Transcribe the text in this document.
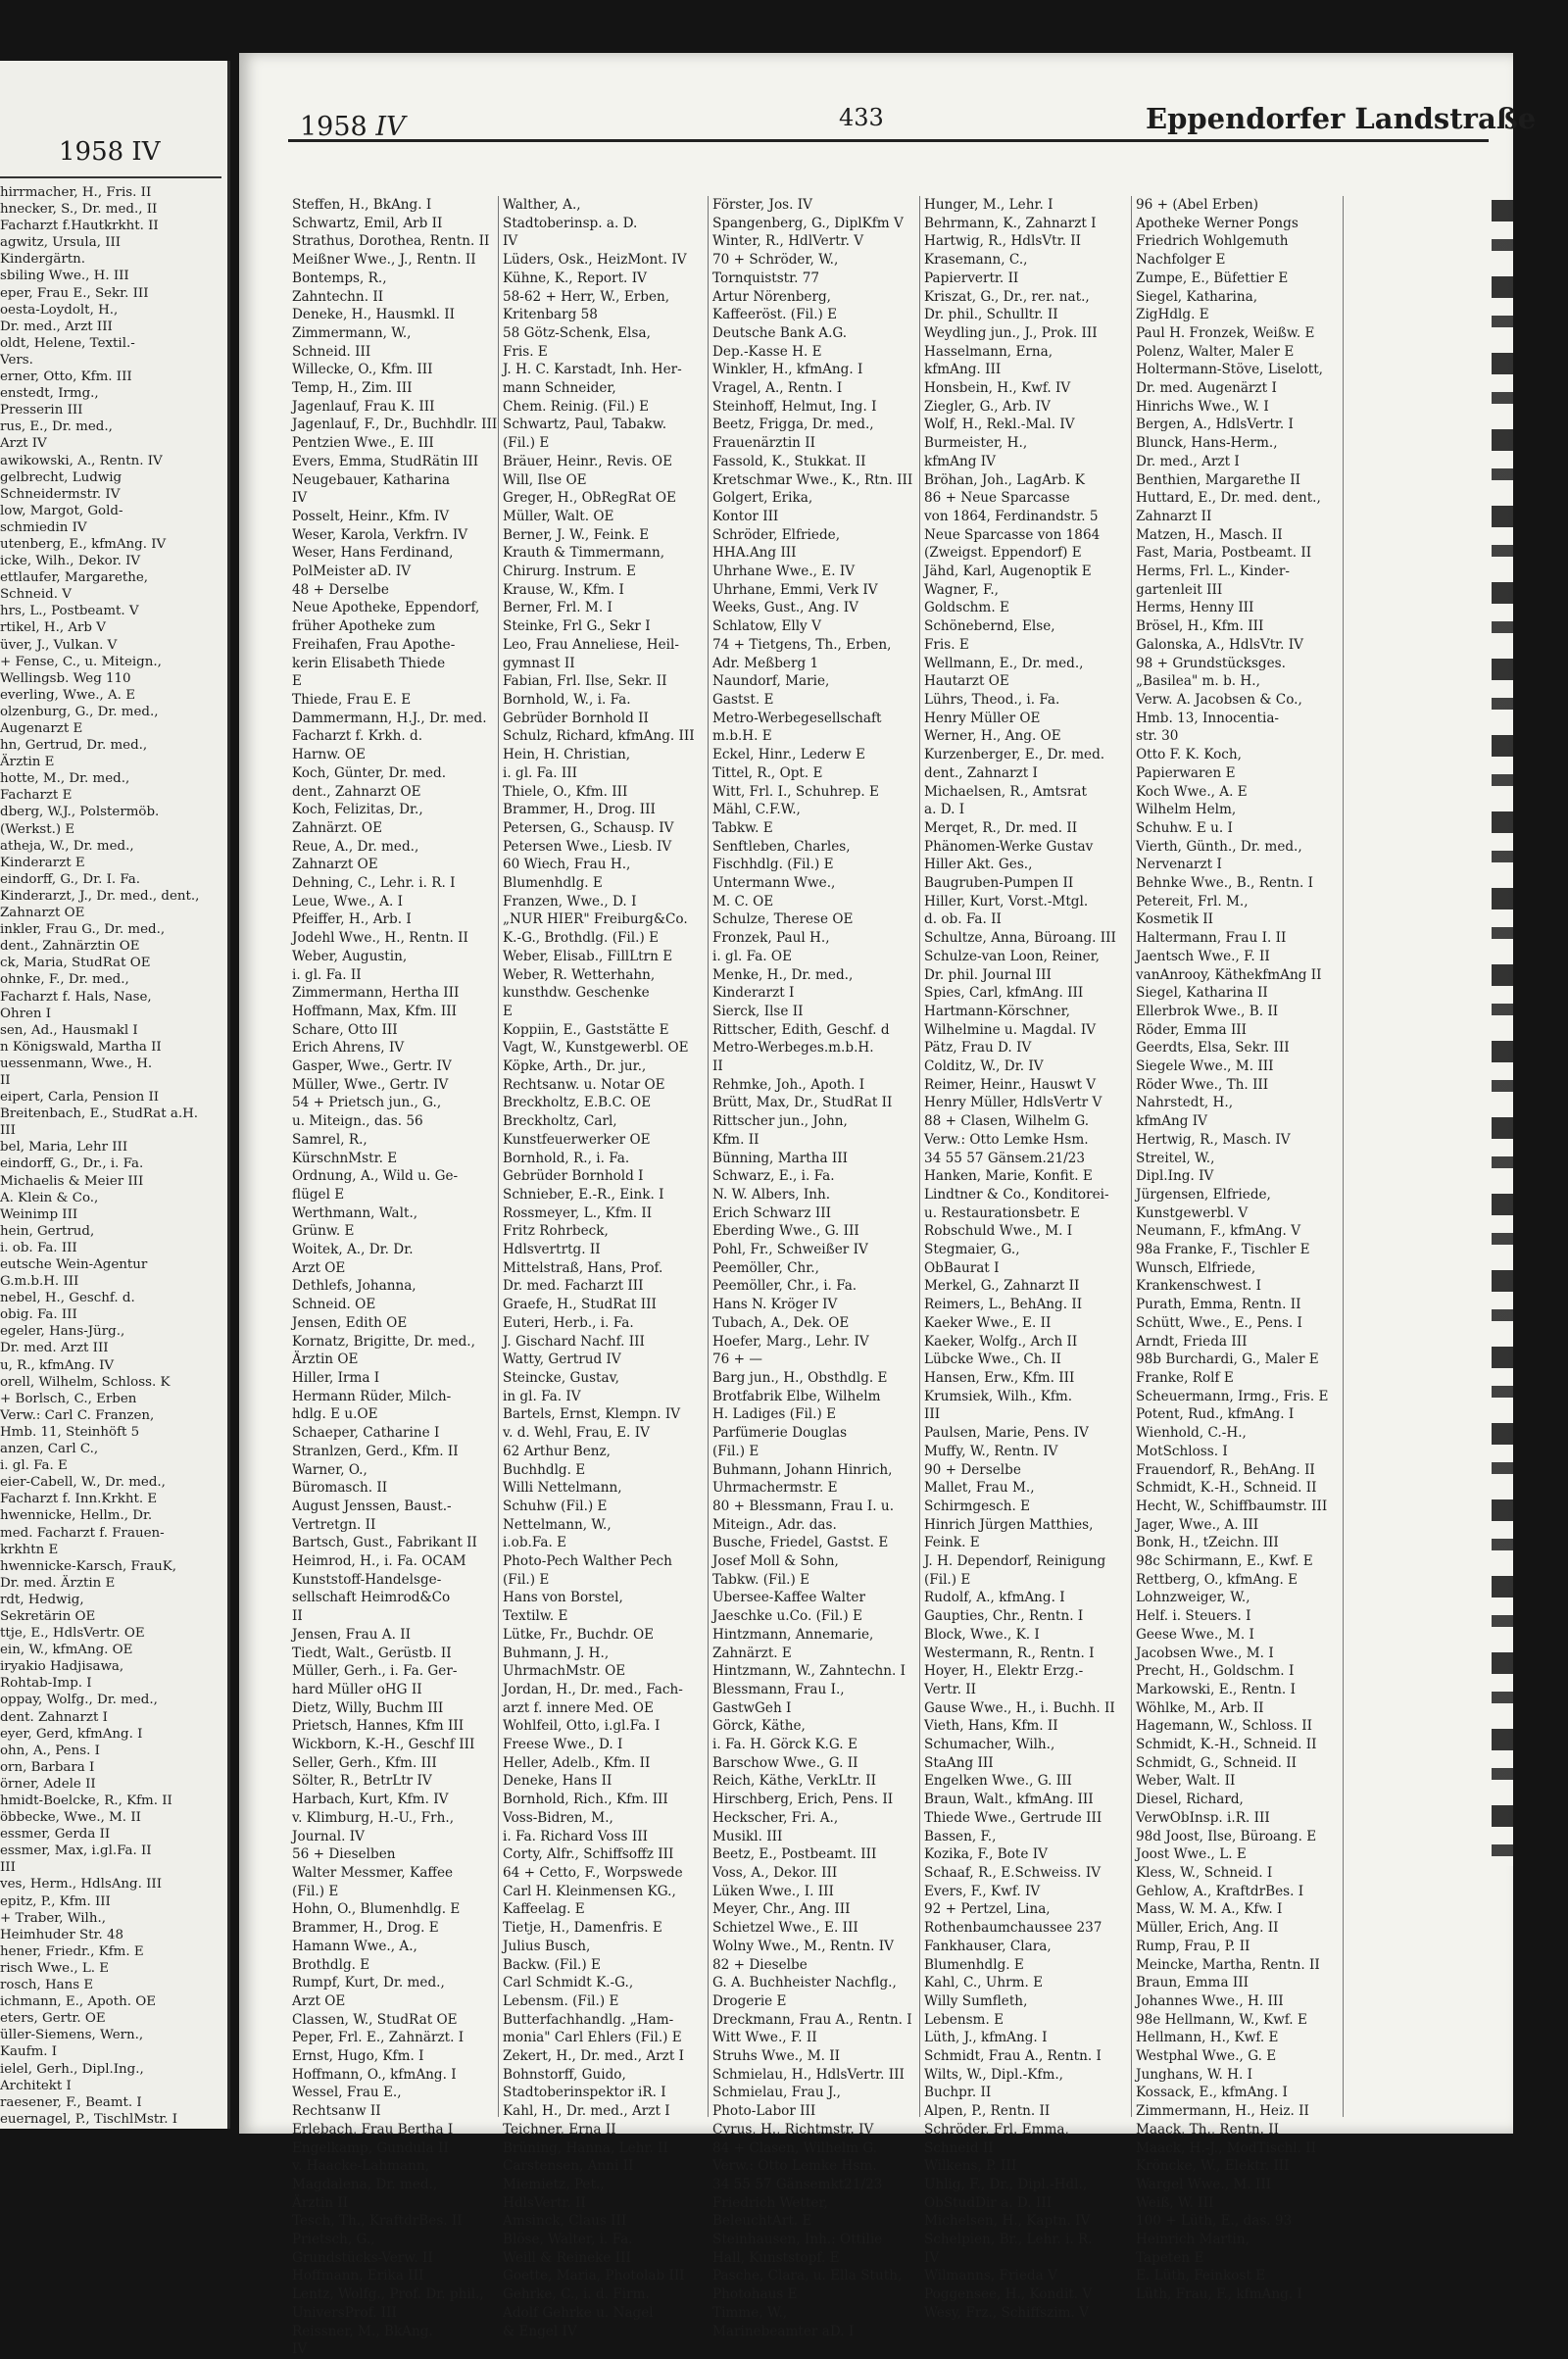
1958 IV
hirrmacher, H., Fris. II
hnecker, S., Dr. med., II
Facharzt f.Hautkrkht. II
agwitz, Ursula, III
Kindergärtn.
sbiling Wwe., H. III
eper, Frau E., Sekr. III
oesta-Loydolt, H.,
Dr. med., Arzt III
oldt, Helene, Textil.-
Vers.
erner, Otto, Kfm. III
enstedt, Irmg.,
Presserin III
rus, E., Dr. med.,
Arzt IV
awikowski, A., Rentn. IV
gelbrecht, Ludwig
Schneidermstr. IV
low, Margot, Gold-
schmiedin IV
utenberg, E., kfmAng. IV
icke, Wilh., Dekor. IV
ettlaufer, Margarethe,
Schneid. V
hrs, L., Postbeamt. V
rtikel, H., Arb V
üver, J., Vulkan. V
+ Fense, C., u. Miteign.,
Wellingsb. Weg 110
everling, Wwe., A. E
olzenburg, G., Dr. med.,
Augenarzt E
hn, Gertrud, Dr. med.,
Ärztin E
hotte, M., Dr. med.,
Facharzt E
dberg, W.J., Polstermöb.
(Werkst.) E
atheja, W., Dr. med.,
Kinderarzt E
eindorff, G., Dr. I. Fa.
Kinderarzt, J., Dr. med., dent.,
Zahnarzt OE
inkler, Frau G., Dr. med.,
dent., Zahnärztin OE
ck, Maria, StudRat OE
ohnke, F., Dr. med.,
Facharzt f. Hals, Nase,
Ohren I
sen, Ad., Hausmakl I
n Königswald, Martha II
uessenmann, Wwe., H.
II
eipert, Carla, Pension II
Breitenbach, E., StudRat a.H.
III
bel, Maria, Lehr III
eindorff, G., Dr., i. Fa.
Michaelis & Meier III
A. Klein & Co.,
Weinimp III
hein, Gertrud,
i. ob. Fa. III
eutsche Wein-Agentur
G.m.b.H. III
nebel, H., Geschf. d.
obig. Fa. III
egeler, Hans-Jürg.,
Dr. med. Arzt III
u, R., kfmAng. IV
orell, Wilhelm, Schloss. K
+ Borlsch, C., Erben
Verw.: Carl C. Franzen,
Hmb. 11, Steinhöft 5
anzen, Carl C.,
i. gl. Fa. E
eier-Cabell, W., Dr. med.,
Facharzt f. Inn.Krkht. E
hwennicke, Hellm., Dr.
med. Facharzt f. Frauen-
krkhtn E
hwennicke-Karsch, FrauK,
Dr. med. Ärztin E
rdt, Hedwig,
Sekretärin OE
ttje, E., HdlsVertr. OE
ein, W., kfmAng. OE
iryakio Hadjisawa,
Rohtab-Imp. I
oppay, Wolfg., Dr. med.,
dent. Zahnarzt I
eyer, Gerd, kfmAng. I
ohn, A., Pens. I
orn, Barbara I
örner, Adele II
hmidt-Boelcke, R., Kfm. II
öbbecke, Wwe., M. II
essmer, Gerda II
essmer, Max, i.gl.Fa. II
III
ves, Herm., HdlsAng. III
epitz, P., Kfm. III
+ Traber, Wilh.,
Heimhuder Str. 48
hener, Friedr., Kfm. E
risch Wwe., L. E
rosch, Hans E
ichmann, E., Apoth. OE
eters, Gertr. OE
üller-Siemens, Wern.,
Kaufm. I
ielel, Gerh., Dipl.Ing.,
Architekt I
raesener, F., Beamt. I
euernagel, P., TischlMstr. I
1958 IV	433	Eppendorfer Landstraße
Steffen, H., BkAng. I
Schwartz, Emil, Arb II
Strathus, Dorothea, Rentn. II
Meißner Wwe., J., Rentn. II
Bontemps, R.,
Zahntechn. II
Deneke, H., Hausmkl. II
Zimmermann, W.,
Schneid. III
Willecke, O., Kfm. III
Temp, H., Zim. III
Jagenlauf, Frau K. III
Jagenlauf, F., Dr., Buchhdlr. III
Pentzien Wwe., E. III
Evers, Emma, StudRätin III
Neugebauer, Katharina
IV
Posselt, Heinr., Kfm. IV
Weser, Karola, Verkfrn. IV
Weser, Hans Ferdinand,
PolMeister aD. IV
48 + Derselbe
Neue Apotheke, Eppendorf,
früher Apotheke zum
Freihafen, Frau Apothe-
kerin Elisabeth Thiede
E
Thiede, Frau E. E
Dammermann, H.J., Dr. med.
Facharzt f. Krkh. d.
Harnw. OE
Koch, Günter, Dr. med.
dent., Zahnarzt OE
Koch, Felizitas, Dr.,
Zahnärzt. OE
Reue, A., Dr. med.,
Zahnarzt OE
Dehning, C., Lehr. i. R. I
Leue, Wwe., A. I
Pfeiffer, H., Arb. I
Jodehl Wwe., H., Rentn. II
Weber, Augustin,
i. gl. Fa. II
Zimmermann, Hertha III
Hoffmann, Max, Kfm. III
Schare, Otto III
Erich Ahrens, IV
Gasper, Wwe., Gertr. IV
Müller, Wwe., Gertr. IV
54 + Prietsch jun., G.,
u. Miteign., das. 56
Samrel, R.,
KürschnMstr. E
Ordnung, A., Wild u. Ge-
flügel E
Werthmann, Walt.,
Grünw. E
Woitek, A., Dr. Dr.
Arzt OE
Dethlefs, Johanna,
Schneid. OE
Jensen, Edith OE
Kornatz, Brigitte, Dr. med.,
Ärztin OE
Hiller, Irma I
Hermann Rüder, Milch-
hdlg. E u.OE
Schaeper, Catharine I
Stranlzen, Gerd., Kfm. II
Warner, O.,
Büromasch. II
August Jenssen, Baust.-
Vertretgn. II
Bartsch, Gust., Fabrikant II
Heimrod, H., i. Fa. OCAM
Kunststoff-Handelsge-
sellschaft Heimrod&Co
II
Jensen, Frau A. II
Tiedt, Walt., Gerüstb. II
Müller, Gerh., i. Fa. Ger-
hard Müller oHG II
Dietz, Willy, Buchm III
Prietsch, Hannes, Kfm III
Wickborn, K.-H., Geschf III
Seller, Gerh., Kfm. III
Sölter, R., BetrLtr IV
Harbach, Kurt, Kfm. IV
v. Klimburg, H.-U., Frh.,
Journal. IV
56 + Dieselben
Walter Messmer, Kaffee
(Fil.) E
Hohn, O., Blumenhdlg. E
Brammer, H., Drog. E
Hamann Wwe., A.,
Brothdlg. E
Rumpf, Kurt, Dr. med.,
Arzt OE
Classen, W., StudRat OE
Peper, Frl. E., Zahnärzt. I
Ernst, Hugo, Kfm. I
Hoffmann, O., kfmAng. I
Wessel, Frau E.,
Rechtsanw II
Erlebach, Frau Bertha I
Engelkamp, Gundula II
v. Haacke-Lahmann,
Magdalena, Dr. med.,
Ärztin II
Tesch, Th., KraftdrBes. II
Prietsch, G.,
Grundstücks-Verw. II
Hoffmann, Erika III
Lentz, Wolfg., Prof. Dr. phil.,
UniversProf. III
Reissner, M., BkAng.
IV
Walther, A.,
Stadtoberinsp. a. D.
IV
Lüders, Osk., HeizMont. IV
Kühne, K., Report. IV
58-62 + Herr, W., Erben,
Kritenbarg 58
58 Götz-Schenk, Elsa,
Fris. E
J. H. C. Karstadt, Inh. Her-
mann Schneider,
Chem. Reinig. (Fil.) E
Schwartz, Paul, Tabakw.
(Fil.) E
Bräuer, Heinr., Revis. OE
Will, Ilse OE
Greger, H., ObRegRat OE
Müller, Walt. OE
Berner, J. W., Feink. E
Krauth & Timmermann,
Chirurg. Instrum. E
Krause, W., Kfm. I
Berner, Frl. M. I
Steinke, Frl G., Sekr I
Leo, Frau Anneliese, Heil-
gymnast II
Fabian, Frl. Ilse, Sekr. II
Bornhold, W., i. Fa.
Gebrüder Bornhold II
Schulz, Richard, kfmAng. III
Hein, H. Christian,
i. gl. Fa. III
Thiele, O., Kfm. III
Brammer, H., Drog. III
Petersen, G., Schausp. IV
Petersen Wwe., Liesb. IV
60 Wiech, Frau H.,
Blumenhdlg. E
Franzen, Wwe., D. I
„NUR HIER" Freiburg&Co.
K.-G., Brothdlg. (Fil.) E
Weber, Elisab., FillLtrn E
Weber, R. Wetterhahn,
kunsthdw. Geschenke
E
Koppiin, E., Gaststätte E
Vagt, W., Kunstgewerbl. OE
Köpke, Arth., Dr. jur.,
Rechtsanw. u. Notar OE
Breckholtz, E.B.C. OE
Breckholtz, Carl,
Kunstfeuerwerker OE
Bornhold, R., i. Fa.
Gebrüder Bornhold I
Schnieber, E.-R., Eink. I
Rossmeyer, L., Kfm. II
Fritz Rohrbeck,
Hdlsvertrtg. II
Mittelstraß, Hans, Prof.
Dr. med. Facharzt III
Graefe, H., StudRat III
Euteri, Herb., i. Fa.
J. Gischard Nachf. III
Watty, Gertrud IV
Steincke, Gustav,
in gl. Fa. IV
Bartels, Ernst, Klempn. IV
v. d. Wehl, Frau, E. IV
62 Arthur Benz,
Buchhdlg. E
Willi Nettelmann,
Schuhw (Fil.) E
Nettelmann, W.,
i.ob.Fa. E
Photo-Pech Walther Pech
(Fil.) E
Hans von Borstel,
Textilw. E
Lütke, Fr., Buchdr. OE
Buhmann, J. H.,
UhrmachMstr. OE
Jordan, H., Dr. med., Fach-
arzt f. innere Med. OE
Wohlfeil, Otto, i.gl.Fa. I
Freese Wwe., D. I
Heller, Adelb., Kfm. II
Deneke, Hans II
Bornhold, Rich., Kfm. III
Voss-Bidren, M.,
i. Fa. Richard Voss III
Corty, Alfr., Schiffsoffz III
64 + Cetto, F., Worpswede
Carl H. Kleinmensen KG.,
Kaffeelag. E
Tietje, H., Damenfris. E
Julius Busch,
Backw. (Fil.) E
Carl Schmidt K.-G.,
Lebensm. (Fil.) E
Butterfachhandlg. „Ham-
monia" Carl Ehlers (Fil.) E
Zekert, H., Dr. med., Arzt I
Bohnstorff, Guido,
Stadtoberinspektor iR. I
Kahl, H., Dr. med., Arzt I
Teichner, Erna II
Brüning, Hanna, Lehr. II
Carstensen, Anni II
Miemietz, Pet.,
HdlsVertr. II
Amsinck, Claus III
Blöse, Walter, i. Fa.
Weill & Reineke III
Goette, Maria, Photolab III
Gehrke, C., i. d. Firm.
Adolf Gehrke u. Nagel
& Engel IV
Förster, Jos. IV
Spangenberg, G., DiplKfm V
Winter, R., HdlVertr. V
70 + Schröder, W.,
Tornquiststr. 77
Artur Nörenberg,
Kaffeeröst. (Fil.) E
Deutsche Bank A.G.
Dep.-Kasse H. E
Winkler, H., kfmAng. I
Vragel, A., Rentn. I
Steinhoff, Helmut, Ing. I
Beetz, Frigga, Dr. med.,
Frauenärztin II
Fassold, K., Stukkat. II
Kretschmar Wwe., K., Rtn. III
Golgert, Erika,
Kontor III
Schröder, Elfriede,
HHA.Ang III
Uhrhane Wwe., E. IV
Uhrhane, Emmi, Verk IV
Weeks, Gust., Ang. IV
Schlatow, Elly V
74 + Tietgens, Th., Erben,
Adr. Meßberg 1
Naundorf, Marie,
Gastst. E
Metro-Werbegesellschaft
m.b.H. E
Eckel, Hinr., Lederw E
Tittel, R., Opt. E
Witt, Frl. I., Schuhrep. E
Mähl, C.F.W.,
Tabkw. E
Senftleben, Charles,
Fischhdlg. (Fil.) E
Untermann Wwe.,
M. C. OE
Schulze, Therese OE
Fronzek, Paul H.,
i. gl. Fa. OE
Menke, H., Dr. med.,
Kinderarzt I
Sierck, Ilse II
Rittscher, Edith, Geschf. d
Metro-Werbeges.m.b.H.
II
Rehmke, Joh., Apoth. I
Brütt, Max, Dr., StudRat II
Rittscher jun., John,
Kfm. II
Bünning, Martha III
Schwarz, E., i. Fa.
N. W. Albers, Inh.
Erich Schwarz III
Eberding Wwe., G. III
Pohl, Fr., Schweißer IV
Peemöller, Chr.,
Peemöller, Chr., i. Fa.
Hans N. Kröger IV
Tubach, A., Dek. OE
Hoefer, Marg., Lehr. IV
76 + —
Barg jun., H., Obsthdlg. E
Brotfabrik Elbe, Wilhelm
H. Ladiges (Fil.) E
Parfümerie Douglas
(Fil.) E
Buhmann, Johann Hinrich,
Uhrmachermstr. E
80 + Blessmann, Frau I. u.
Miteign., Adr. das.
Busche, Friedel, Gastst. E
Josef Moll & Sohn,
Tabkw. (Fil.) E
Ubersee-Kaffee Walter
Jaeschke u.Co. (Fil.) E
Hintzmann, Annemarie,
Zahnärzt. E
Hintzmann, W., Zahntechn. I
Blessmann, Frau I.,
GastwGeh I
Görck, Käthe,
i. Fa. H. Görck K.G. E
Barschow Wwe., G. II
Reich, Käthe, VerkLtr. II
Hirschberg, Erich, Pens. II
Heckscher, Fri. A.,
Musikl. III
Beetz, E., Postbeamt. III
Voss, A., Dekor. III
Lüken Wwe., I. III
Meyer, Chr., Ang. III
Schietzel Wwe., E. III
Wolny Wwe., M., Rentn. IV
82 + Dieselbe
G. A. Buchheister Nachflg.,
Drogerie E
Dreckmann, Frau A., Rentn. I
Witt Wwe., F. II
Struhs Wwe., M. II
Schmielau, H., HdlsVertr. III
Schmielau, Frau J.,
Photo-Labor III
Cyrus, H., Richtmstr. IV
84 + Clasen, Wilhelm G.
Verw.: Otto Lemke Hsm.
34 55 57 Gänsemkt21/23
Friedrich Wetter,
BeleuchtArt. E
Steinhausen, Inh.: Ottilie
Hall, Kunststopf. E
Pasche, Clara, u. Ella Stuth,
Photohaus E
Timme, W.,
Marinebeamter aD. I
Hunger, M., Lehr. I
Behrmann, K., Zahnarzt I
Hartwig, R., HdlsVtr. II
Krasemann, C.,
Papiervertr. II
Kriszat, G., Dr., rer. nat.,
Dr. phil., Schulltr. II
Weydling jun., J., Prok. III
Hasselmann, Erna,
kfmAng. III
Honsbein, H., Kwf. IV
Ziegler, G., Arb. IV
Wolf, H., Rekl.-Mal. IV
Burmeister, H.,
kfmAng IV
Bröhan, Joh., LagArb. K
86 + Neue Sparcasse
von 1864, Ferdinandstr. 5
Neue Sparcasse von 1864
(Zweigst. Eppendorf) E
Jähd, Karl, Augenoptik E
Wagner, F.,
Goldschm. E
Schönebernd, Else,
Fris. E
Wellmann, E., Dr. med.,
Hautarzt OE
Lührs, Theod., i. Fa.
Henry Müller OE
Werner, H., Ang. OE
Kurzenberger, E., Dr. med.
dent., Zahnarzt I
Michaelsen, R., Amtsrat
a. D. I
Merqet, R., Dr. med. II
Phänomen-Werke Gustav
Hiller Akt. Ges.,
Baugruben-Pumpen II
Hiller, Kurt, Vorst.-Mtgl.
d. ob. Fa. II
Schultze, Anna, Büroang. III
Schulze-van Loon, Reiner,
Dr. phil. Journal III
Spies, Carl, kfmAng. III
Hartmann-Körschner,
Wilhelmine u. Magdal. IV
Pätz, Frau D. IV
Colditz, W., Dr. IV
Reimer, Heinr., Hauswt V
Henry Müller, HdlsVertr V
88 + Clasen, Wilhelm G.
Verw.: Otto Lemke Hsm.
34 55 57 Gänsem.21/23
Hanken, Marie, Konfit. E
Lindtner & Co., Konditorei-
u. Restaurationsbetr. E
Robschuld Wwe., M. I
Stegmaier, G.,
ObBaurat I
Merkel, G., Zahnarzt II
Reimers, L., BehAng. II
Kaeker Wwe., E. II
Kaeker, Wolfg., Arch II
Lübcke Wwe., Ch. II
Hansen, Erw., Kfm. III
Krumsiek, Wilh., Kfm.
III
Paulsen, Marie, Pens. IV
Muffy, W., Rentn. IV
90 + Derselbe
Mallet, Frau M.,
Schirmgesch. E
Hinrich Jürgen Matthies,
Feink. E
J. H. Dependorf, Reinigung
(Fil.) E
Rudolf, A., kfmAng. I
Gaupties, Chr., Rentn. I
Block, Wwe., K. I
Westermann, R., Rentn. I
Hoyer, H., Elektr Erzg.-
Vertr. II
Gause Wwe., H., i. Buchh. II
Vieth, Hans, Kfm. II
Schumacher, Wilh.,
StaAng III
Engelken Wwe., G. III
Braun, Walt., kfmAng. III
Thiede Wwe., Gertrude III
Bassen, F.,
Kozika, F., Bote IV
Schaaf, R., E.Schweiss. IV
Evers, F., Kwf. IV
92 + Pertzel, Lina,
Rothenbaumchaussee 237
Fankhauser, Clara,
Blumenhdlg. E
Kahl, C., Uhrm. E
Willy Sumfleth,
Lebensm. E
Lüth, J., kfmAng. I
Schmidt, Frau A., Rentn. I
Wilts, W., Dipl.-Kfm.,
Buchpr. II
Alpen, P., Rentn. II
Schröder, Frl. Emma,
Schneid II
Wilkens, P. III
Uhlig, F., Dr., Dipl.-Hdl.,
ObStudDir a. D. III
Michelsen, H., Kaptn. IV
Schelpien, Br., Lehr. i. R.
IV
Wilmanns, Frieda V
Poggensee, H., Kondit. V
Wesy, Frz., Schiffszim. V
96 + (Abel Erben)
Apotheke Werner Pongs
Friedrich Wohlgemuth
Nachfolger E
Zumpe, E., Büfettier E
Siegel, Katharina,
ZigHdlg. E
Paul H. Fronzek, Weißw. E
Polenz, Walter, Maler E
Holtermann-Stöve, Liselott,
Dr. med. Augenärzt I
Hinrichs Wwe., W. I
Bergen, A., HdlsVertr. I
Blunck, Hans-Herm.,
Dr. med., Arzt I
Benthien, Margarethe II
Huttard, E., Dr. med. dent.,
Zahnarzt II
Matzen, H., Masch. II
Fast, Maria, Postbeamt. II
Herms, Frl. L., Kinder-
gartenleit III
Herms, Henny III
Brösel, H., Kfm. III
Galonska, A., HdlsVtr. IV
98 + Grundstücksges.
„Basilea" m. b. H.,
Verw. A. Jacobsen & Co.,
Hmb. 13, Innocentia-
str. 30
Otto F. K. Koch,
Papierwaren E
Koch Wwe., A. E
Wilhelm Helm,
Schuhw. E u. I
Vierth, Günth., Dr. med.,
Nervenarzt I
Behnke Wwe., B., Rentn. I
Petereit, Frl. M.,
Kosmetik II
Haltermann, Frau I. II
Jaentsch Wwe., F. II
vanAnrooy, KäthekfmAng II
Siegel, Katharina II
Ellerbrok Wwe., B. II
Röder, Emma III
Geerdts, Elsa, Sekr. III
Siegele Wwe., M. III
Röder Wwe., Th. III
Nahrstedt, H.,
kfmAng IV
Hertwig, R., Masch. IV
Streitel, W.,
Dipl.Ing. IV
Jürgensen, Elfriede,
Kunstgewerbl. V
Neumann, F., kfmAng. V
98a Franke, F., Tischler E
Wunsch, Elfriede,
Krankenschwest. I
Purath, Emma, Rentn. II
Schütt, Wwe., E., Pens. I
Arndt, Frieda III
98b Burchardi, G., Maler E
Franke, Rolf E
Scheuermann, Irmg., Fris. E
Potent, Rud., kfmAng. I
Wienhold, C.-H.,
MotSchloss. I
Frauendorf, R., BehAng. II
Schmidt, K.-H., Schneid. II
Hecht, W., Schiffbaumstr. III
Jager, Wwe., A. III
Bonk, H., tZeichn. III
98c Schirmann, E., Kwf. E
Rettberg, O., kfmAng. E
Lohnzweiger, W.,
Helf. i. Steuers. I
Geese Wwe., M. I
Jacobsen Wwe., M. I
Precht, H., Goldschm. I
Markowski, E., Rentn. I
Wöhlke, M., Arb. II
Hagemann, W., Schloss. II
Schmidt, K.-H., Schneid. II
Schmidt, G., Schneid. II
Weber, Walt. II
Diesel, Richard,
VerwObInsp. i.R. III
98d Joost, Ilse, Büroang. E
Joost Wwe., L. E
Kless, W., Schneid. I
Gehlow, A., KraftdrBes. I
Mass, W. M. A., Kfw. I
Müller, Erich, Ang. II
Rump, Frau, P. II
Meincke, Martha, Rentn. II
Braun, Emma III
Johannes Wwe., H. III
98e Hellmann, W., Kwf. E
Hellmann, H., Kwf. E
Westphal Wwe., G. E
Junghans, W. H. I
Kossack, E., kfmAng. I
Zimmermann, H., Heiz. II
Maack, Th., Rentn. II
Maack, H.-J., ModTischl. II
Kröncke, W., Elektr. III
Wargel Wwe., M. III
Weiß, W. III
100 + Lüth, E., das. 93
Heinrich Martin,
Tapeten E
E. Lüth, Feinkost E
Lüth, Frau, F., kfmAng. I
